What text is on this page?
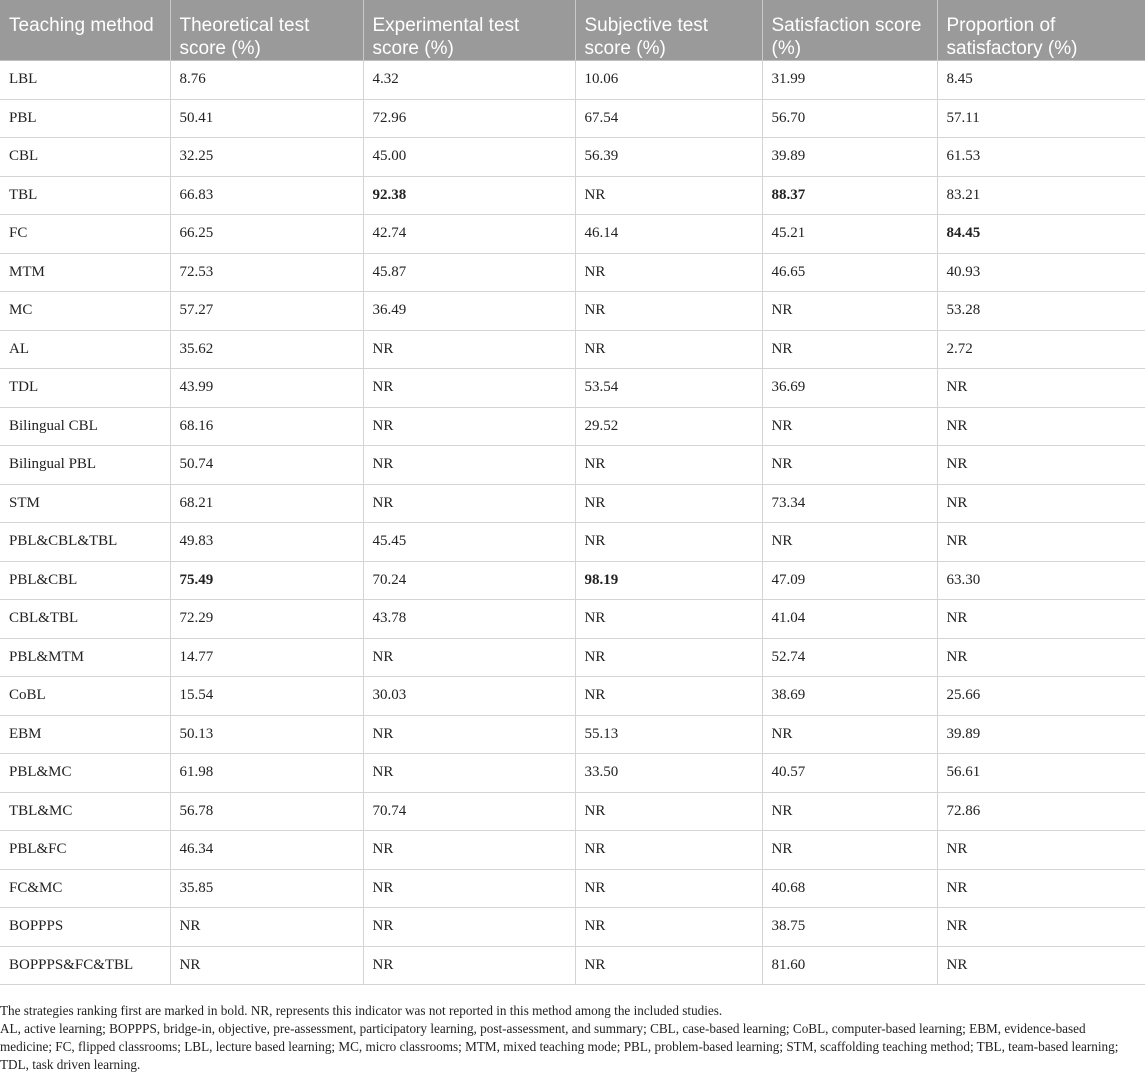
Teaching method	Theoretical test score (%)	Experimental test score (%)	Subjective test score (%)	Satisfaction score (%)	Proportion of satisfactory (%)
LBL	8.76	4.32	10.06	31.99	8.45
PBL	50.41	72.96	67.54	56.70	57.11
CBL	32.25	45.00	56.39	39.89	61.53
TBL	66.83	92.38	NR	88.37	83.21
FC	66.25	42.74	46.14	45.21	84.45
MTM	72.53	45.87	NR	46.65	40.93
MC	57.27	36.49	NR	NR	53.28
AL	35.62	NR	NR	NR	2.72
TDL	43.99	NR	53.54	36.69	NR
Bilingual CBL	68.16	NR	29.52	NR	NR
Bilingual PBL	50.74	NR	NR	NR	NR
STM	68.21	NR	NR	73.34	NR
PBL&CBL&TBL	49.83	45.45	NR	NR	NR
PBL&CBL	75.49	70.24	98.19	47.09	63.30
CBL&TBL	72.29	43.78	NR	41.04	NR
PBL&MTM	14.77	NR	NR	52.74	NR
CoBL	15.54	30.03	NR	38.69	25.66
EBM	50.13	NR	55.13	NR	39.89
PBL&MC	61.98	NR	33.50	40.57	56.61
TBL&MC	56.78	70.74	NR	NR	72.86
PBL&FC	46.34	NR	NR	NR	NR
FC&MC	35.85	NR	NR	40.68	NR
BOPPPS	NR	NR	NR	38.75	NR
BOPPPS&FC&TBL	NR	NR	NR	81.60	NR

The strategies ranking first are marked in bold. NR, represents this indicator was not reported in this method among the included studies.

AL, active learning; BOPPPS, bridge-in, objective, pre-assessment, participatory learning, post-assessment, and summary; CBL, case-based learning; CoBL, computer-based learning; EBM, evidence-based medicine; FC, flipped classrooms; LBL, lecture based learning; MC, micro classrooms; MTM, mixed teaching mode; PBL, problem-based learning; STM, scaffolding teaching method; TBL, team-based learning; TDL, task driven learning.
